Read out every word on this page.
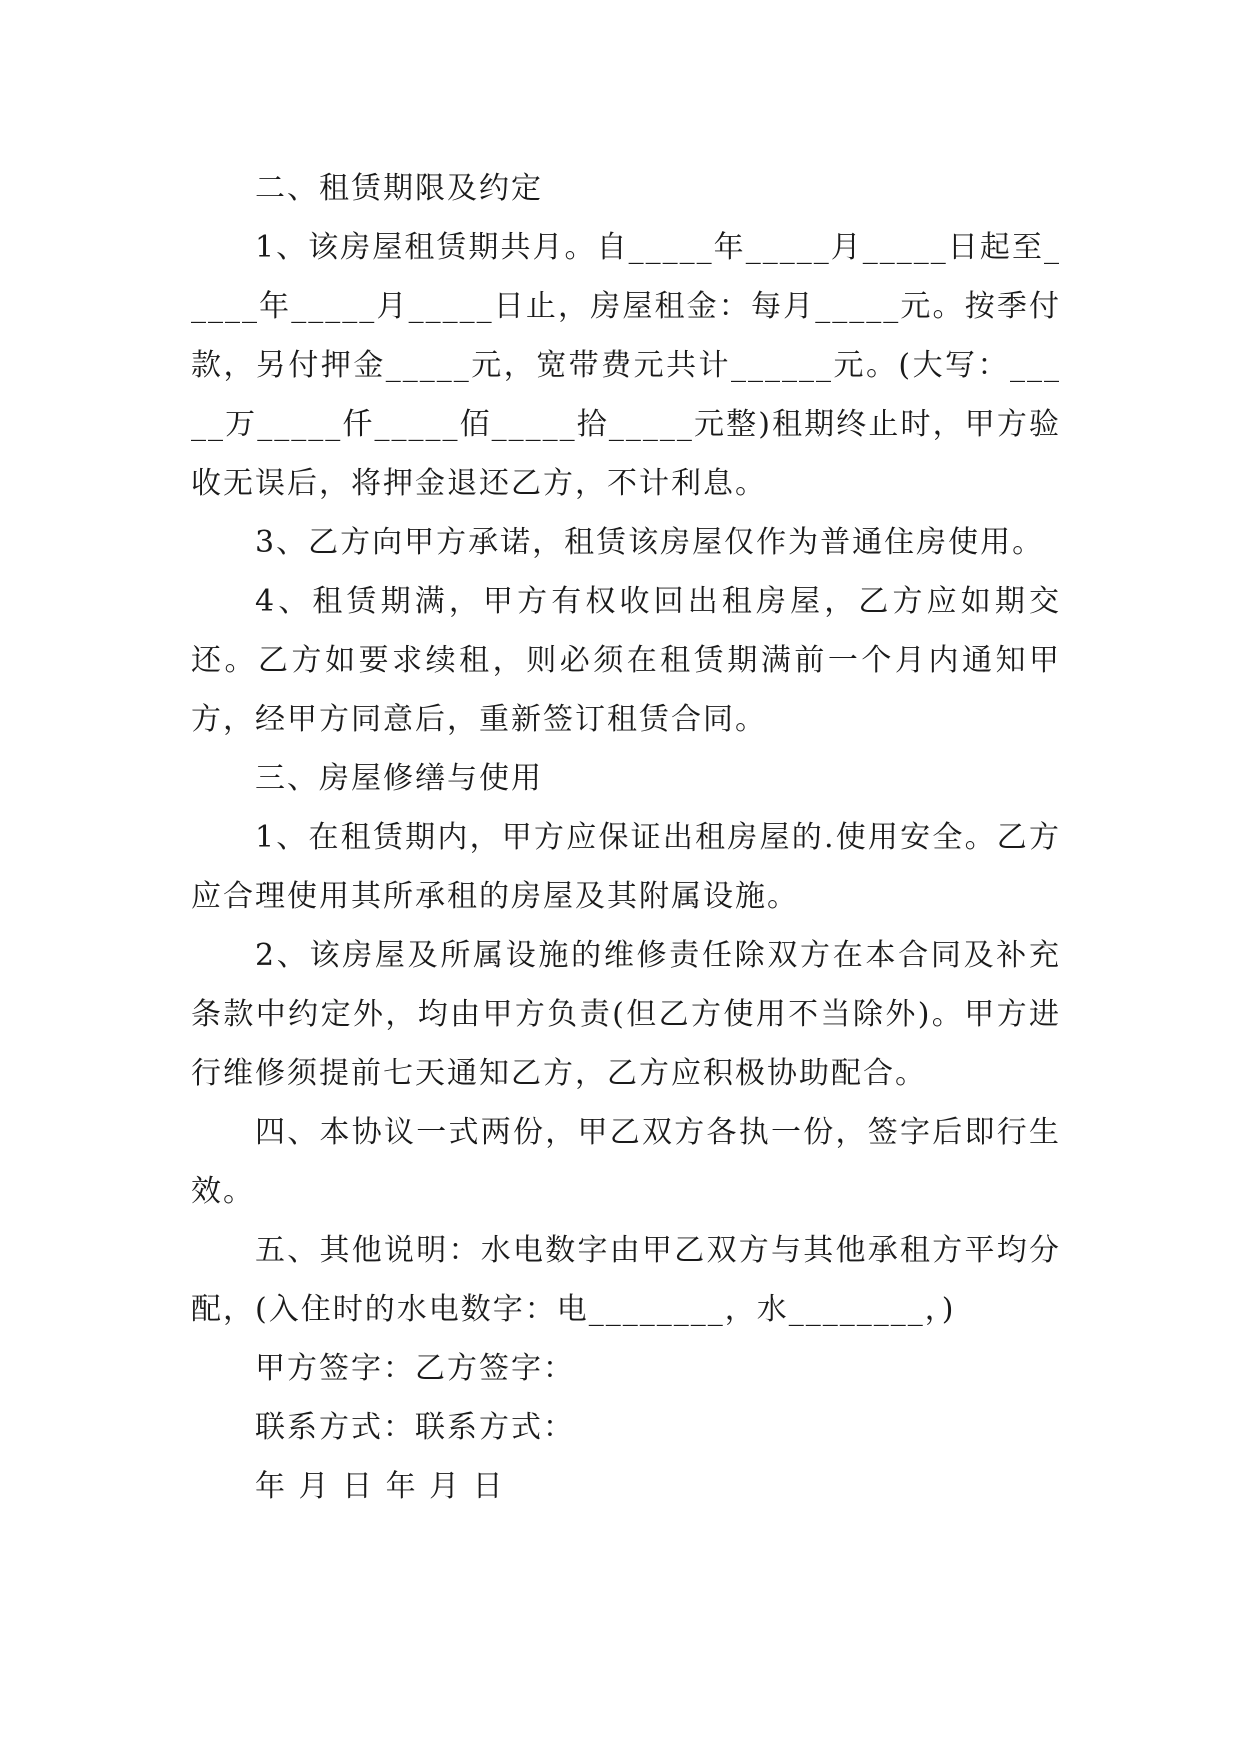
二、租赁期限及约定

1、该房屋租赁期共月。自_____年_____月_____日起至_____年_____月_____日止，房屋租金：每月_____元。按季付款，另付押金_____元，宽带费元共计______元。(大写：_____万_____仟_____佰_____拾_____元整)租期终止时，甲方验收无误后，将押金退还乙方，不计利息。

3、乙方向甲方承诺，租赁该房屋仅作为普通住房使用。

4、租赁期满，甲方有权收回出租房屋，乙方应如期交还。乙方如要求续租，则必须在租赁期满前一个月内通知甲方，经甲方同意后，重新签订租赁合同。

三、房屋修缮与使用

1、在租赁期内，甲方应保证出租房屋的.使用安全。乙方应合理使用其所承租的房屋及其附属设施。

2、该房屋及所属设施的维修责任除双方在本合同及补充条款中约定外，均由甲方负责(但乙方使用不当除外)。甲方进行维修须提前七天通知乙方，乙方应积极协助配合。

四、本协议一式两份，甲乙双方各执一份，签字后即行生效。

五、其他说明：水电数字由甲乙双方与其他承租方平均分配，(入住时的水电数字：电________，水________，)

甲方签字：乙方签字：

联系方式：联系方式：

年 月 日 年 月 日
